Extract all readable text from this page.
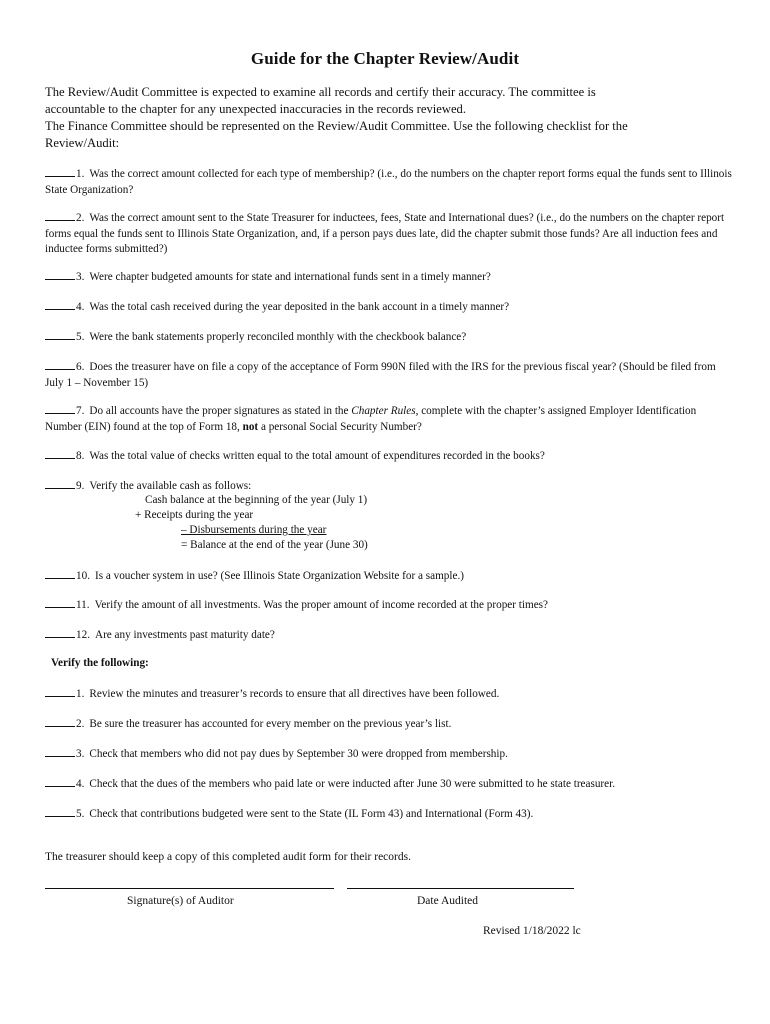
Guide for the Chapter Review/Audit
The Review/Audit Committee is expected to examine all records and certify their accuracy. The committee is
accountable to the chapter for any unexpected inaccuracies in the records reviewed.
The Finance Committee should be represented on the Review/Audit Committee. Use the following checklist for the
Review/Audit:
1. Was the correct amount collected for each type of membership? (i.e., do the numbers on the chapter report forms equal the funds sent to Illinois State Organization?
2. Was the correct amount sent to the State Treasurer for inductees, fees, State and International dues? (i.e., do the numbers on the chapter report forms equal the funds sent to Illinois State Organization, and, if a person pays dues late, did the chapter submit those funds? Are all induction fees and inductee forms submitted?)
3. Were chapter budgeted amounts for state and international funds sent in a timely manner?
4. Was the total cash received during the year deposited in the bank account in a timely manner?
5. Were the bank statements properly reconciled monthly with the checkbook balance?
6. Does the treasurer have on file a copy of the acceptance of Form 990N filed with the IRS for the previous fiscal year? (Should be filed from July 1 – November 15)
7. Do all accounts have the proper signatures as stated in the Chapter Rules, complete with the chapter’s assigned Employer Identification Number (EIN) found at the top of Form 18, not a personal Social Security Number?
8. Was the total value of checks written equal to the total amount of expenditures recorded in the books?
9. Verify the available cash as follows:
Cash balance at the beginning of the year (July 1)
+ Receipts during the year
– Disbursements during the year
= Balance at the end of the year (June 30)
10. Is a voucher system in use? (See Illinois State Organization Website for a sample.)
11. Verify the amount of all investments. Was the proper amount of income recorded at the proper times?
12. Are any investments past maturity date?
Verify the following:
1. Review the minutes and treasurer’s records to ensure that all directives have been followed.
2. Be sure the treasurer has accounted for every member on the previous year’s list.
3. Check that members who did not pay dues by September 30 were dropped from membership.
4. Check that the dues of the members who paid late or were inducted after June 30 were submitted to he state treasurer.
5. Check that contributions budgeted were sent to the State (IL Form 43) and International (Form 43).
The treasurer should keep a copy of this completed audit form for their records.
Signature(s) of Auditor	Date Audited
Revised 1/18/2022 lc
